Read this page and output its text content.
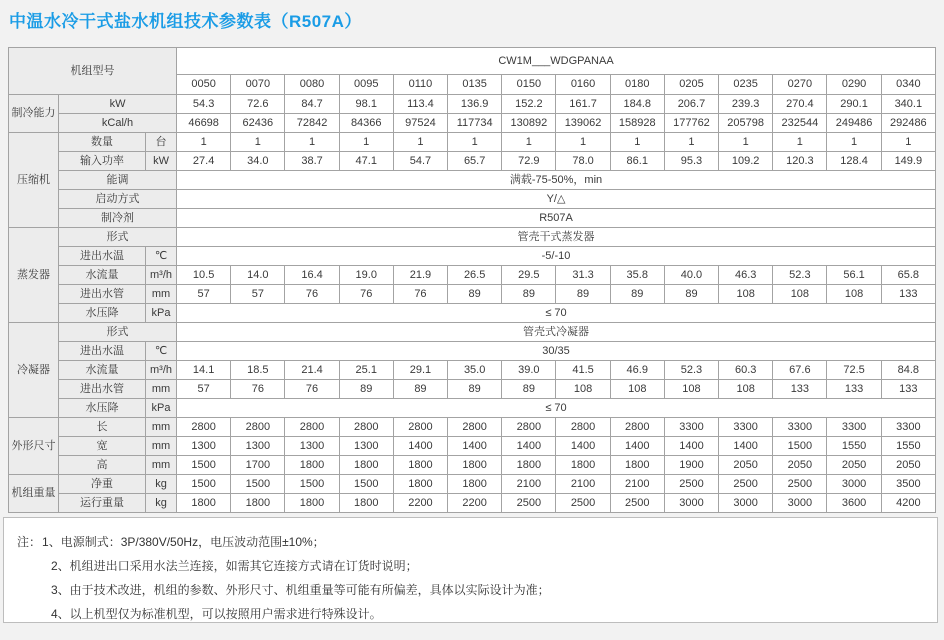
中温水冷干式盐水机组技术参数表（R507A）
机组型号			CW1M___WDGPANAA													
			0050	0070	0080	0095	0110	0135	0150	0160	0180	0205	0235	0270	0290	0340
制冷能力	kW		54.3	72.6	84.7	98.1	113.4	136.9	152.2	161.7	184.8	206.7	239.3	270.4	290.1	340.1
	kCal/h		46698	62436	72842	84366	97524	117734	130892	139062	158928	177762	205798	232544	249486	292486
压缩机	数量	台	1	1	1	1	1	1	1	1	1	1	1	1	1	1
	输入功率	kW	27.4	34.0	38.7	47.1	54.7	65.7	72.9	78.0	86.1	95.3	109.2	120.3	128.4	149.9
	能调		满载-75-50%，min													
	启动方式		Y/△													
	制冷剂		R507A													
蒸发器	形式		管壳干式蒸发器													
	进出水温	℃	-5/-10													
	水流量	m³/h	10.5	14.0	16.4	19.0	21.9	26.5	29.5	31.3	35.8	40.0	46.3	52.3	56.1	65.8
	进出水管	mm	57	57	76	76	76	89	89	89	89	89	108	108	108	133
	水压降	kPa	≤ 70													
冷凝器	形式		管壳式冷凝器													
	进出水温	℃	30/35													
	水流量	m³/h	14.1	18.5	21.4	25.1	29.1	35.0	39.0	41.5	46.9	52.3	60.3	67.6	72.5	84.8
	进出水管	mm	57	76	76	89	89	89	89	108	108	108	108	133	133	133
	水压降	kPa	≤ 70													
外形尺寸	长	mm	2800	2800	2800	2800	2800	2800	2800	2800	2800	3300	3300	3300	3300	3300
	宽	mm	1300	1300	1300	1300	1400	1400	1400	1400	1400	1400	1400	1500	1550	1550
	高	mm	1500	1700	1800	1800	1800	1800	1800	1800	1800	1900	2050	2050	2050	2050
机组重量	净重	kg	1500	1500	1500	1500	1800	1800	2100	2100	2100	2500	2500	2500	3000	3500
	运行重量	kg	1800	1800	1800	1800	2200	2200	2500	2500	2500	3000	3000	3000	3600	4200
注：1、电源制式：3P/380V/50Hz，电压波动范围±10%；
2、机组进出口采用水法兰连接，如需其它连接方式请在订货时说明；
3、由于技术改进，机组的参数、外形尺寸、机组重量等可能有所偏差，具体以实际设计为准；
4、以上机型仅为标准机型，可以按照用户需求进行特殊设计。
